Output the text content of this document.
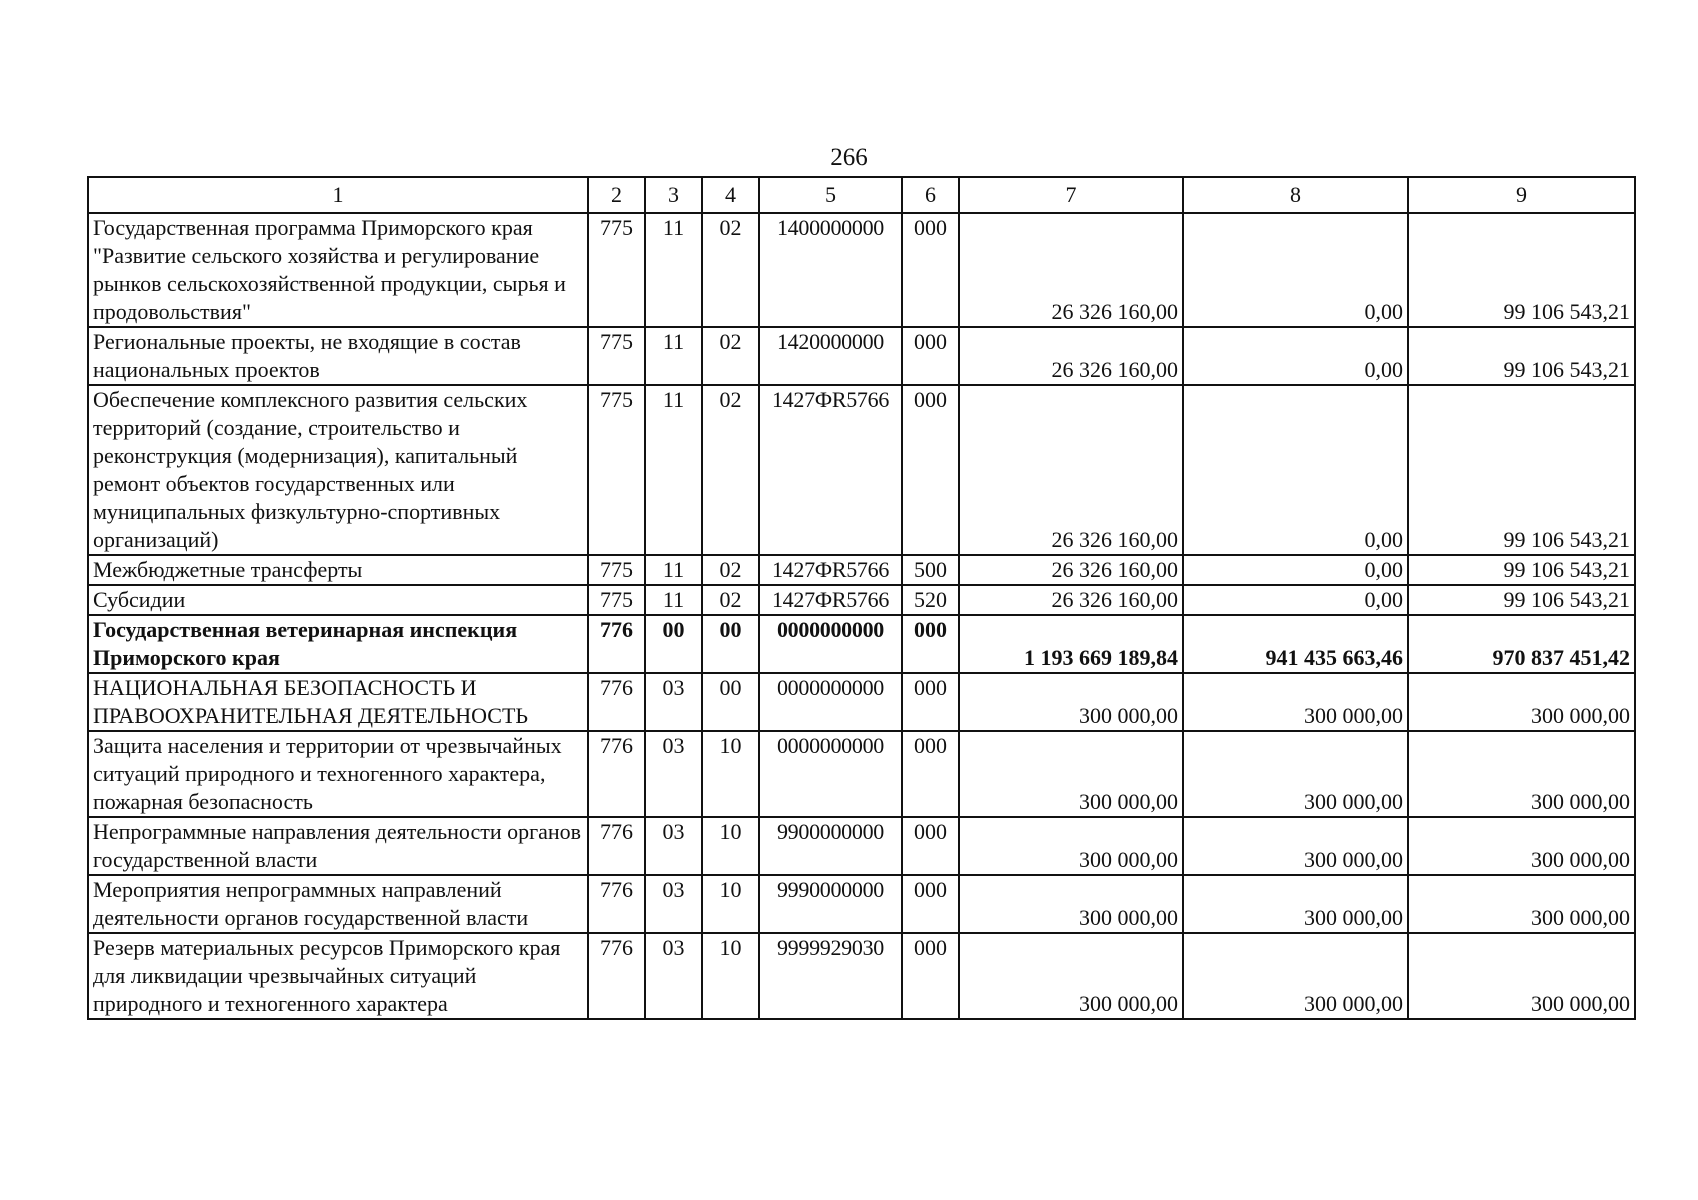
266
1	2	3	4	5	6	7	8	9
Государственная программа Приморского края "Развитие сельского хозяйства и регулирование рынков сельскохозяйственной продукции, сырья и продовольствия"	775	11	02	1400000000	000	26 326 160,00	0,00	99 106 543,21
Региональные проекты, не входящие в состав национальных проектов	775	11	02	1420000000	000	26 326 160,00	0,00	99 106 543,21
Обеспечение комплексного развития сельских территорий (создание, строительство и реконструкция (модернизация), капитальный ремонт объектов государственных или муниципальных физкультурно-спортивных организаций)	775	11	02	1427ФR5766	000	26 326 160,00	0,00	99 106 543,21
Межбюджетные трансферты	775	11	02	1427ФR5766	500	26 326 160,00	0,00	99 106 543,21
Субсидии	775	11	02	1427ФR5766	520	26 326 160,00	0,00	99 106 543,21
Государственная ветеринарная инспекция Приморского края	776	00	00	0000000000	000	1 193 669 189,84	941 435 663,46	970 837 451,42
НАЦИОНАЛЬНАЯ БЕЗОПАСНОСТЬ И ПРАВООХРАНИТЕЛЬНАЯ ДЕЯТЕЛЬНОСТЬ	776	03	00	0000000000	000	300 000,00	300 000,00	300 000,00
Защита населения и территории от чрезвычайных ситуаций природного и техногенного характера, пожарная безопасность	776	03	10	0000000000	000	300 000,00	300 000,00	300 000,00
Непрограммные направления деятельности органов государственной власти	776	03	10	9900000000	000	300 000,00	300 000,00	300 000,00
Мероприятия непрограммных направлений деятельности органов государственной власти	776	03	10	9990000000	000	300 000,00	300 000,00	300 000,00
Резерв материальных ресурсов Приморского края для ликвидации чрезвычайных ситуаций природного и техногенного характера	776	03	10	9999929030	000	300 000,00	300 000,00	300 000,00
